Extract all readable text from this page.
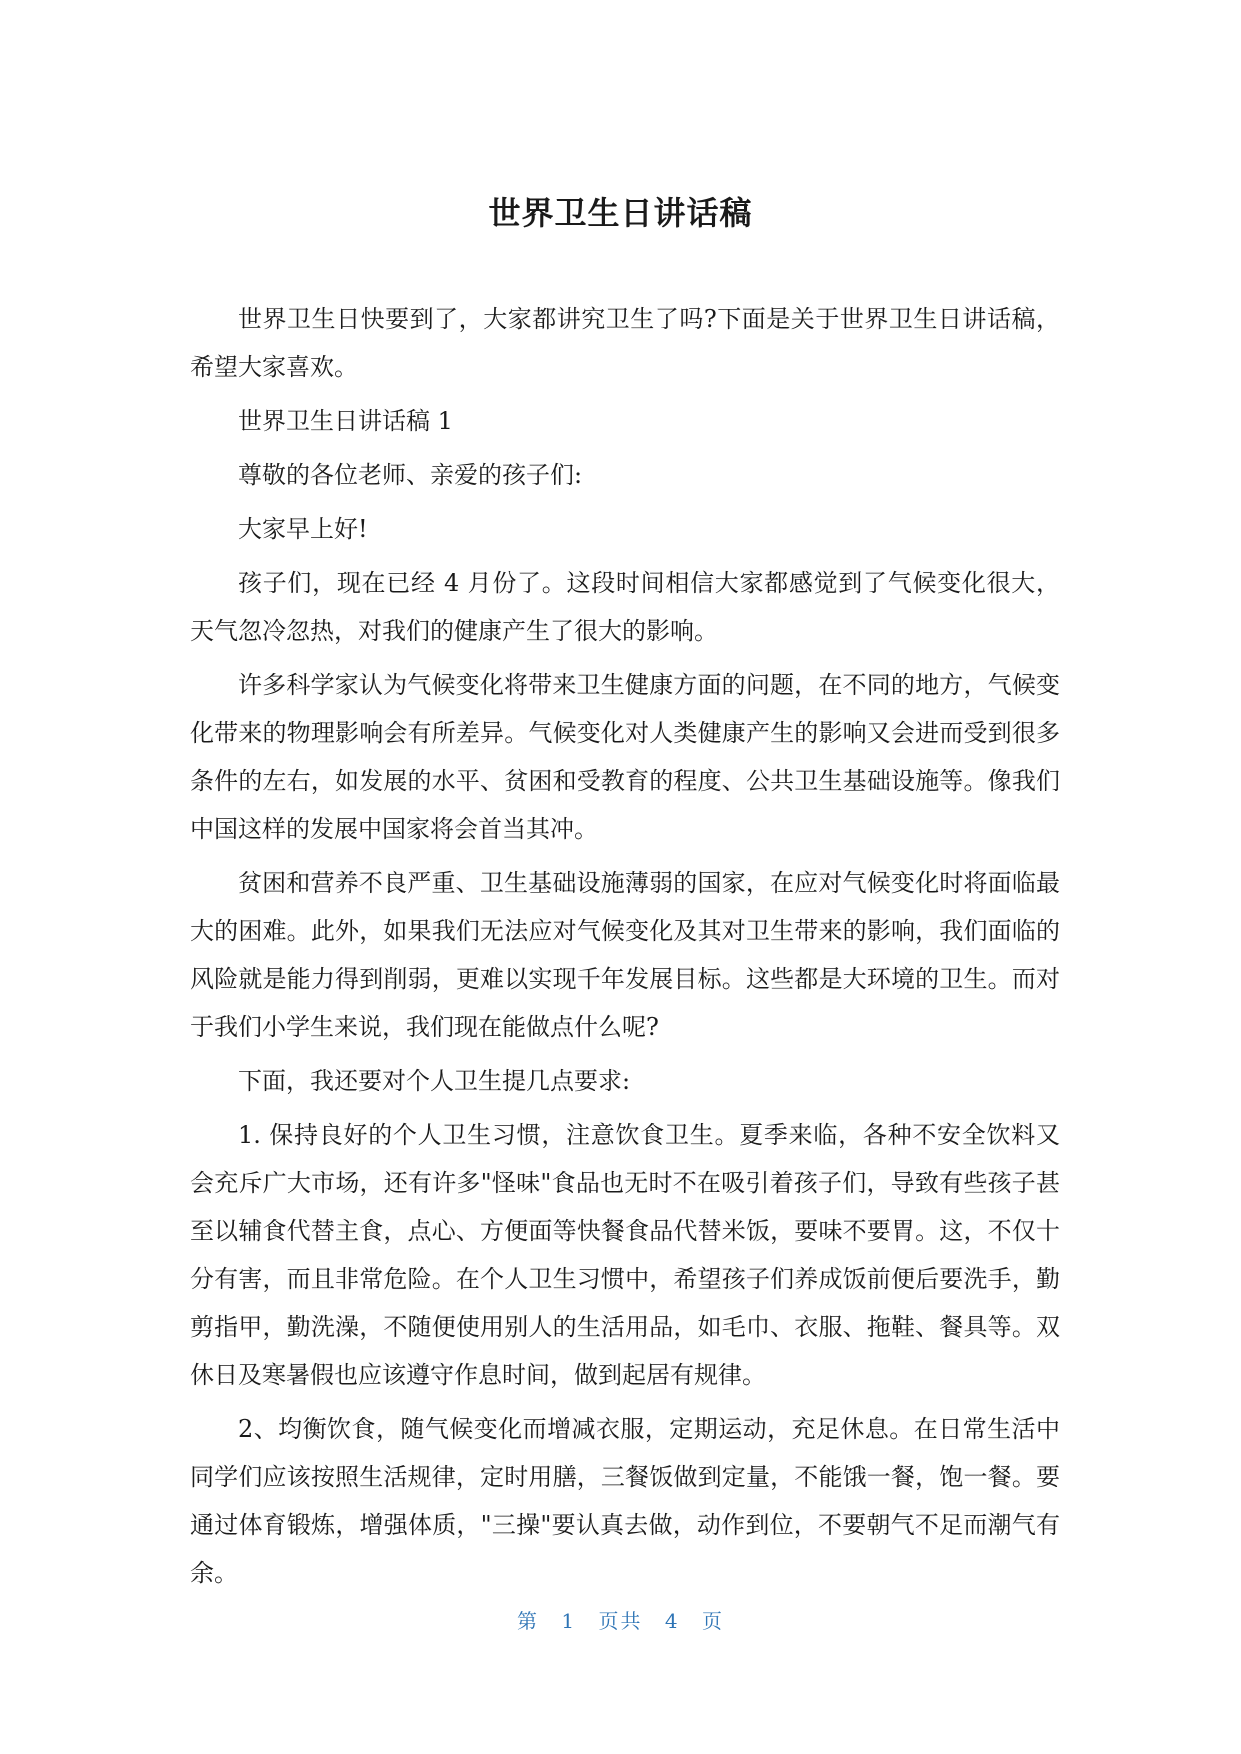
世界卫生日讲话稿

世界卫生日快要到了，大家都讲究卫生了吗?下面是关于世界卫生日讲话稿，希望大家喜欢。

世界卫生日讲话稿 1

尊敬的各位老师、亲爱的孩子们:

大家早上好!

孩子们，现在已经 4 月份了。这段时间相信大家都感觉到了气候变化很大，天气忽冷忽热，对我们的健康产生了很大的影响。

许多科学家认为气候变化将带来卫生健康方面的问题，在不同的地方，气候变化带来的物理影响会有所差异。气候变化对人类健康产生的影响又会进而受到很多条件的左右，如发展的水平、贫困和受教育的程度、公共卫生基础设施等。像我们中国这样的发展中国家将会首当其冲。

贫困和营养不良严重、卫生基础设施薄弱的国家，在应对气候变化时将面临最大的困难。此外，如果我们无法应对气候变化及其对卫生带来的影响，我们面临的风险就是能力得到削弱，更难以实现千年发展目标。这些都是大环境的卫生。而对于我们小学生来说，我们现在能做点什么呢?

下面，我还要对个人卫生提几点要求:

1. 保持良好的个人卫生习惯，注意饮食卫生。夏季来临，各种不安全饮料又会充斥广大市场，还有许多"怪味"食品也无时不在吸引着孩子们，导致有些孩子甚至以辅食代替主食，点心、方便面等快餐食品代替米饭，要味不要胃。这，不仅十分有害，而且非常危险。在个人卫生习惯中，希望孩子们养成饭前便后要洗手，勤剪指甲，勤洗澡，不随便使用别人的生活用品，如毛巾、衣服、拖鞋、餐具等。双休日及寒暑假也应该遵守作息时间，做到起居有规律。

2、均衡饮食，随气候变化而增减衣服，定期运动，充足休息。在日常生活中同学们应该按照生活规律，定时用膳，三餐饭做到定量，不能饿一餐，饱一餐。要通过体育锻炼，增强体质，"三操"要认真去做，动作到位，不要朝气不足而潮气有余。

第 1 页共 4 页
